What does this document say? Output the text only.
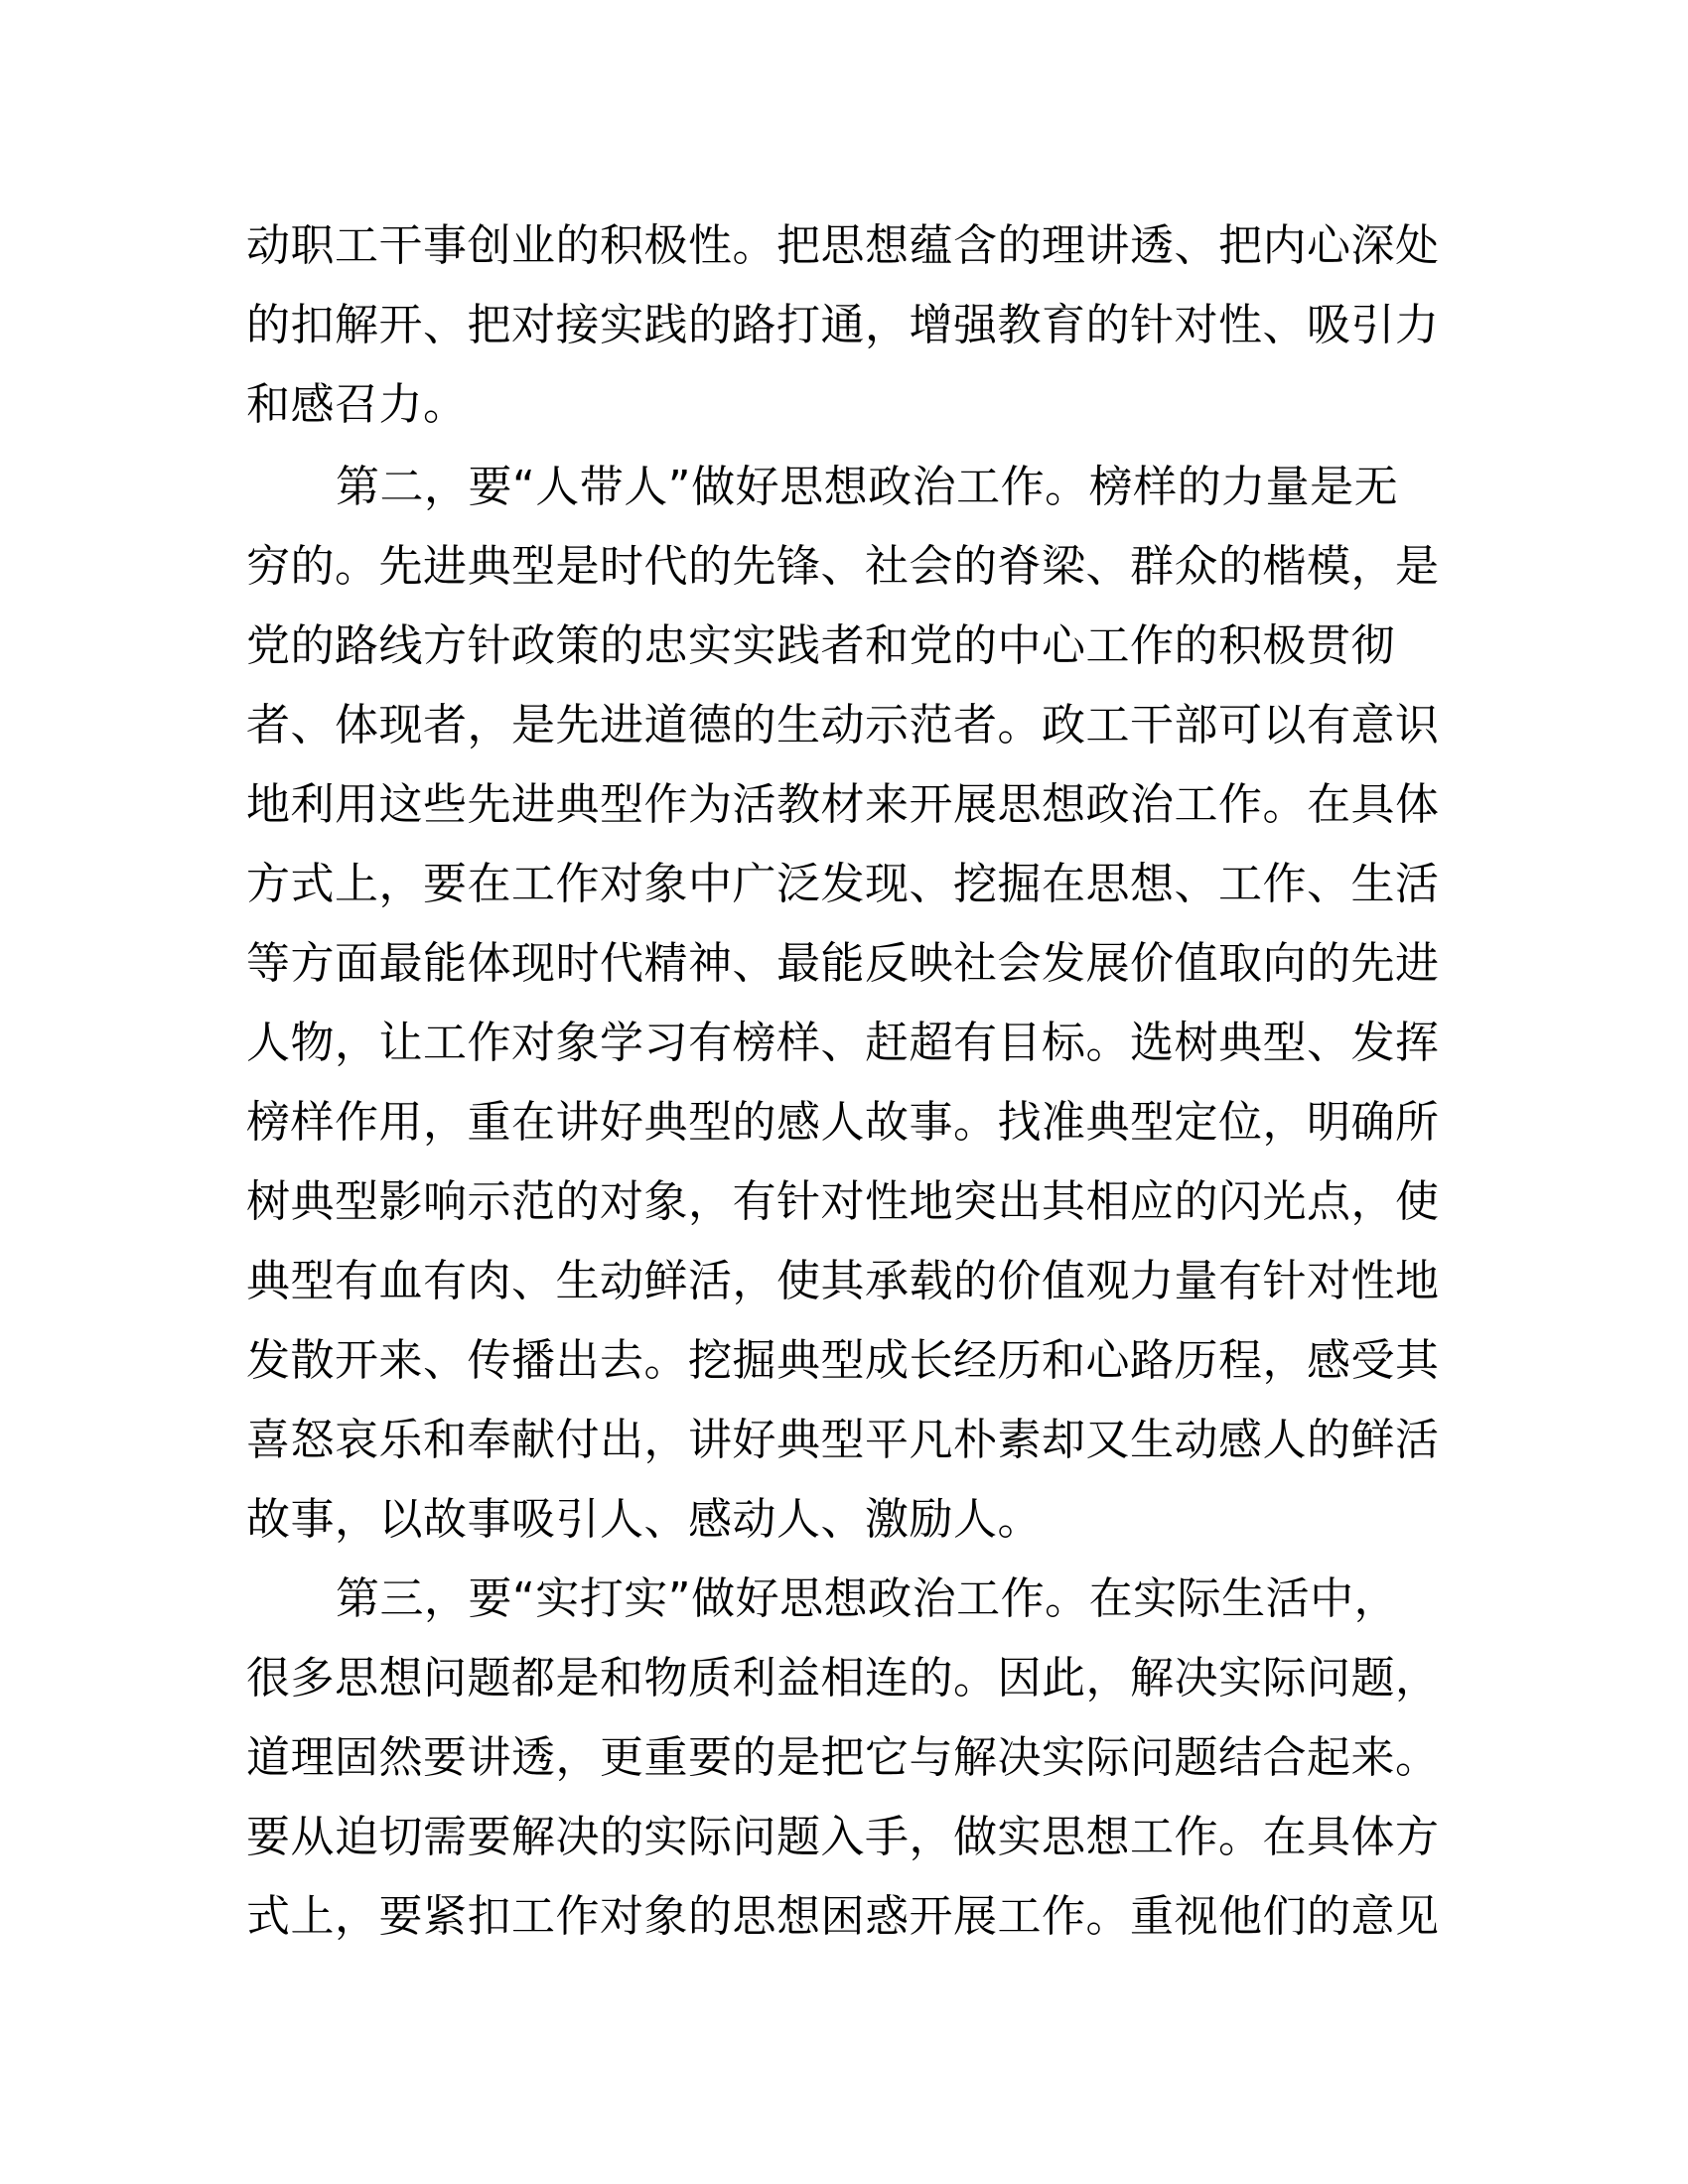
动职工干事创业的积极性。把思想蕴含的理讲透、把内心深处
的扣解开、把对接实践的路打通，增强教育的针对性、吸引力
和感召力。
第二，要“人带人”做好思想政治工作。榜样的力量是无
穷的。先进典型是时代的先锋、社会的脊梁、群众的楷模，是
党的路线方针政策的忠实实践者和党的中心工作的积极贯彻
者、体现者，是先进道德的生动示范者。政工干部可以有意识
地利用这些先进典型作为活教材来开展思想政治工作。在具体
方式上，要在工作对象中广泛发现、挖掘在思想、工作、生活
等方面最能体现时代精神、最能反映社会发展价值取向的先进
人物，让工作对象学习有榜样、赶超有目标。选树典型、发挥
榜样作用，重在讲好典型的感人故事。找准典型定位，明确所
树典型影响示范的对象，有针对性地突出其相应的闪光点，使
典型有血有肉、生动鲜活，使其承载的价值观力量有针对性地
发散开来、传播出去。挖掘典型成长经历和心路历程，感受其
喜怒哀乐和奉献付出，讲好典型平凡朴素却又生动感人的鲜活
故事，以故事吸引人、感动人、激励人。
第三，要“实打实”做好思想政治工作。在实际生活中，
很多思想问题都是和物质利益相连的。因此，解决实际问题，
道理固然要讲透，更重要的是把它与解决实际问题结合起来。
要从迫切需要解决的实际问题入手，做实思想工作。在具体方
式上，要紧扣工作对象的思想困惑开展工作。重视他们的意见
